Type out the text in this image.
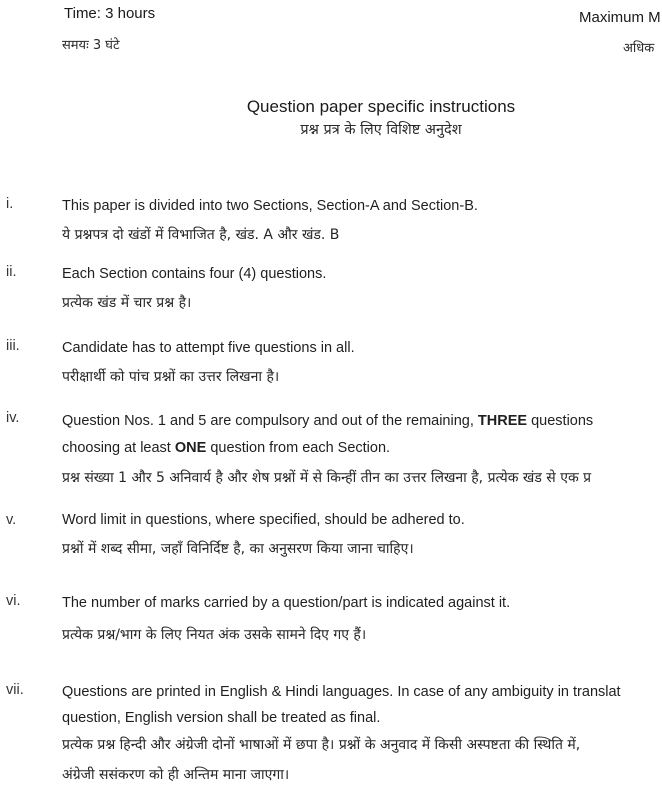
Time: 3 hours
समयः 3 घंटे
Maximum M
अधिक
Question paper specific instructions
प्रश्न प्रत्र के लिए विशिष्ट अनुदेश
i.	This paper is divided into two Sections, Section-A and Section-B.
ये प्रश्नपत्र दो खंडों में विभाजित है, खंड. A और खंड. B
ii.	Each Section contains four (4) questions.
प्रत्येक खंड में चार प्रश्न है।
iii.	Candidate has to attempt five questions in all.
परीक्षार्थी को पांच प्रश्नों का उत्तर लिखना है।
iv.	Question Nos. 1 and 5 are compulsory and out of the remaining, THREE questions
choosing at least ONE question from each Section.
प्रश्न संख्या 1 और 5 अनिवार्य है और शेष प्रश्नों में से किन्हीं तीन का उत्तर लिखना है, प्रत्येक खंड से एक प्र
v.	Word limit in questions, where specified, should be adhered to.
प्रश्नों में शब्द सीमा, जहाँ विनिर्दिष्ट है, का अनुसरण किया जाना चाहिए।
vi.	The number of marks carried by a question/part is indicated against it.
प्रत्येक प्रश्न/भाग के लिए नियत अंक उसके सामने दिए गए हैं।
vii.	Questions are printed in English & Hindi languages. In case of any ambiguity in translat
question, English version shall be treated as final.
प्रत्येक प्रश्न हिन्दी और अंग्रेजी दोनों भाषाओं में छपा है। प्रश्नों के अनुवाद में किसी अस्पष्टता की स्थिति में,
अंग्रेजी ससंकरण को ही अन्तिम माना जाएगा।
